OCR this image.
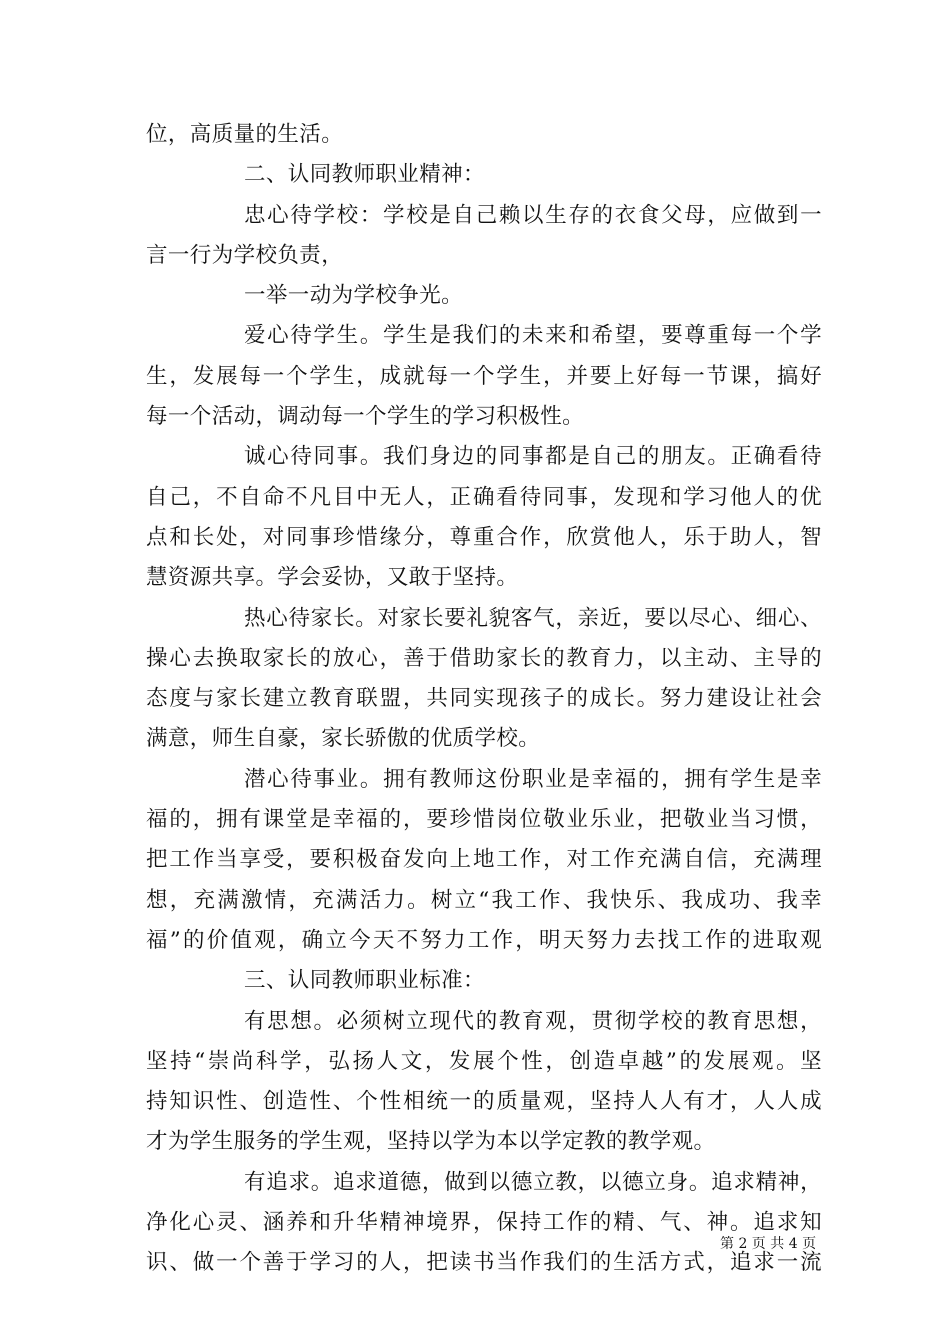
位，高质量的生活。
二、认同教师职业精神：
忠心待学校：学校是自己赖以生存的衣食父母，应做到一
言一行为学校负责，
一举一动为学校争光。
爱心待学生。学生是我们的未来和希望，要尊重每一个学
生，发展每一个学生，成就每一个学生，并要上好每一节课，搞好
每一个活动，调动每一个学生的学习积极性。
诚心待同事。我们身边的同事都是自己的朋友。正确看待
自己，不自命不凡目中无人，正确看待同事，发现和学习他人的优
点和长处，对同事珍惜缘分，尊重合作，欣赏他人，乐于助人，智
慧资源共享。学会妥协，又敢于坚持。
热心待家长。对家长要礼貌客气，亲近，要以尽心、细心、
操心去换取家长的放心，善于借助家长的教育力，以主动、主导的
态度与家长建立教育联盟，共同实现孩子的成长。努力建设让社会
满意，师生自豪，家长骄傲的优质学校。
潜心待事业。拥有教师这份职业是幸福的，拥有学生是幸
福的，拥有课堂是幸福的，要珍惜岗位敬业乐业，把敬业当习惯，
把工作当享受，要积极奋发向上地工作，对工作充满自信，充满理
想，充满激情，充满活力。树立“我工作、我快乐、我成功、我幸
福”的价值观，确立今天不努力工作，明天努力去找工作的进取观
三、认同教师职业标准：
有思想。必须树立现代的教育观，贯彻学校的教育思想，
坚持“崇尚科学，弘扬人文，发展个性，创造卓越”的发展观。坚
持知识性、创造性、个性相统一的质量观，坚持人人有才，人人成
才为学生服务的学生观，坚持以学为本以学定教的教学观。
有追求。追求道德，做到以德立教，以德立身。追求精神，
净化心灵、涵养和升华精神境界，保持工作的精、气、神。追求知
识、做一个善于学习的人，把读书当作我们的生活方式，追求一流
第 2 页 共 4 页
